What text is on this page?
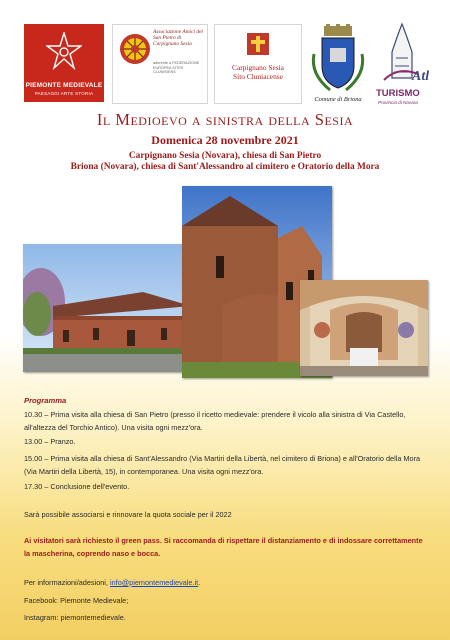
PIEMONTE MEDIEVALE
PAESAGGI ARTE STORIA
Associazione Amici del San Pietro di Carpignano Sesia
aderente a FEDERAZIONE EUROPEA SITES CLUNISIENS
Carpignano Sesia
Sito Cluniacense
Comune di Briona
Atl
TURISMO
Provincia di Novara
Il Medioevo a sinistra della Sesia
Domenica 28 novembre 2021
Carpignano Sesia (Novara), chiesa di San Pietro
Briona (Novara), chiesa di Sant'Alessandro al cimitero e Oratorio della Mora
Programma
10.30 – Prima visita alla chiesa di San Pietro (presso il ricetto medievale: prendere il vicolo alla sinistra di Via Castello, all'altezza del Torchio Antico). Una visita ogni mezz'ora.
13.00 – Pranzo.
15.00 – Prima visita alla chiesa di Sant'Alessandro (Via Martiri della Libertà, nel cimitero di Briona) e all'Oratorio della Mora (Via Martiri della Libertà, 15), in contemporanea. Una visita ogni mezz'ora.
17.30 – Conclusione dell'evento.
Sarà possibile associarsi e rinnovare la quota sociale per il 2022
Ai visitatori sarà richiesto il green pass. Si raccomanda di rispettare il distanziamento e di indossare correttamente la mascherina, coprendo naso e bocca.
Per informazioni/adesioni, info@piemontemedievale.it.
Facebook: Piemonte Medievale;
Instagram: piemontemedievale.
